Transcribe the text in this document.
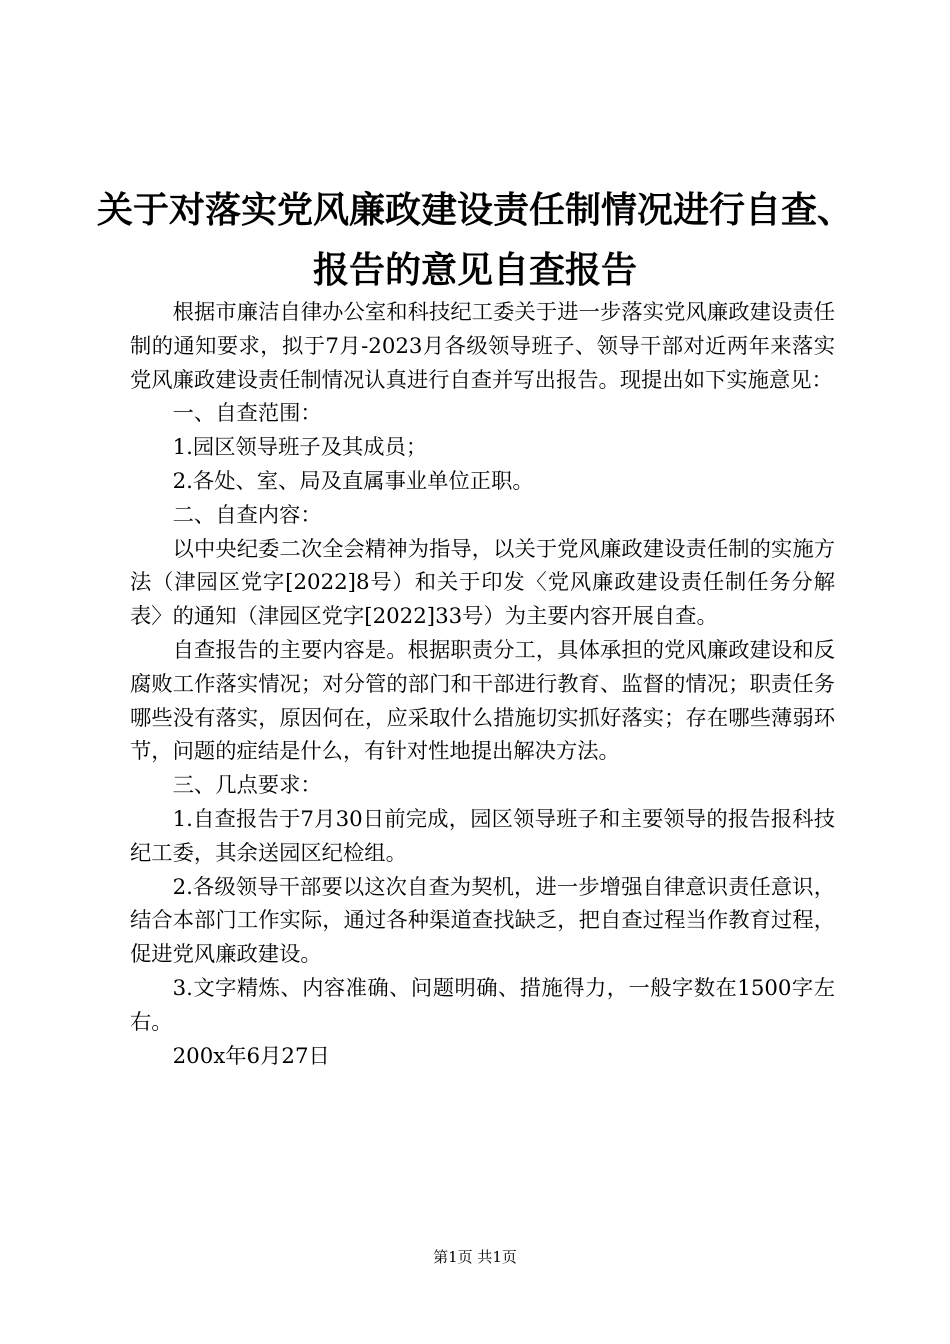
关于对落实党风廉政建设责任制情况进行自查、
报告的意见自查报告

根据市廉洁自律办公室和科技纪工委关于进一步落实党风廉政建设责任制的通知要求，拟于7月-2023月各级领导班子、领导干部对近两年来落实党风廉政建设责任制情况认真进行自查并写出报告。现提出如下实施意见：

一、自查范围：

1.园区领导班子及其成员；

2.各处、室、局及直属事业单位正职。

二、自查内容：

以中央纪委二次全会精神为指导，以关于党风廉政建设责任制的实施方法（津园区党字[2022]8号）和关于印发〈党风廉政建设责任制任务分解表〉的通知（津园区党字[2022]33号）为主要内容开展自查。

自查报告的主要内容是。根据职责分工，具体承担的党风廉政建设和反腐败工作落实情况；对分管的部门和干部进行教育、监督的情况；职责任务哪些没有落实，原因何在，应采取什么措施切实抓好落实；存在哪些薄弱环节，问题的症结是什么，有针对性地提出解决方法。

三、几点要求：

1.自查报告于7月30日前完成，园区领导班子和主要领导的报告报科技纪工委，其余送园区纪检组。

2.各级领导干部要以这次自查为契机，进一步增强自律意识责任意识，结合本部门工作实际，通过各种渠道查找缺乏，把自查过程当作教育过程，促进党风廉政建设。

3.文字精炼、内容准确、问题明确、措施得力，一般字数在1500字左右。

200x年6月27日

第1页 共1页
